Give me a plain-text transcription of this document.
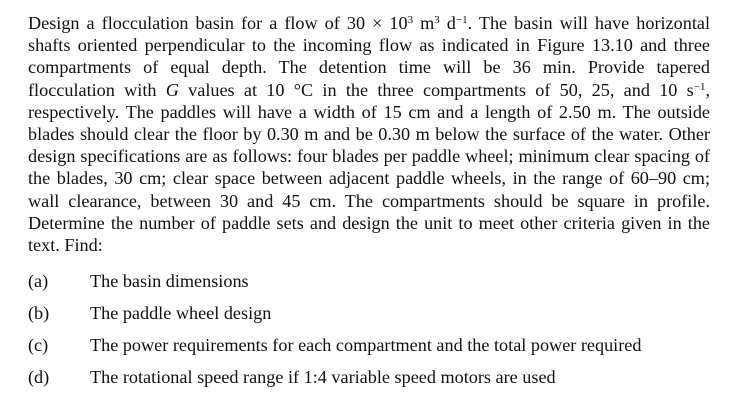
Design a flocculation basin for a flow of $30 \times 10^3$ $m^3$ $d^{-1}$. The basin will have horizontal shafts oriented perpendicular to the incoming flow as indicated in Figure 13.10 and three compartments of equal depth. The detention time will be 36 min. Provide tapered flocculation with G values at 10 °C in the three compartments of 50, 25, and 10 $s^{-1}$, respectively. The paddles will have a width of 15 cm and a length of 2.50 m. The outside blades should clear the floor by 0.30 m and be 0.30 m below the surface of the water. Other design specifications are as follows: four blades per paddle wheel; minimum clear spacing of the blades, 30 cm; clear space between adjacent paddle wheels, in the range of 60–90 cm; wall clearance, between 30 and 45 cm. The compartments should be square in profile. Determine the number of paddle sets and design the unit to meet other criteria given in the text. Find:

(a)	The basin dimensions
(b)	The paddle wheel design
(c)	The power requirements for each compartment and the total power required
(d)	The rotational speed range if 1:4 variable speed motors are used
